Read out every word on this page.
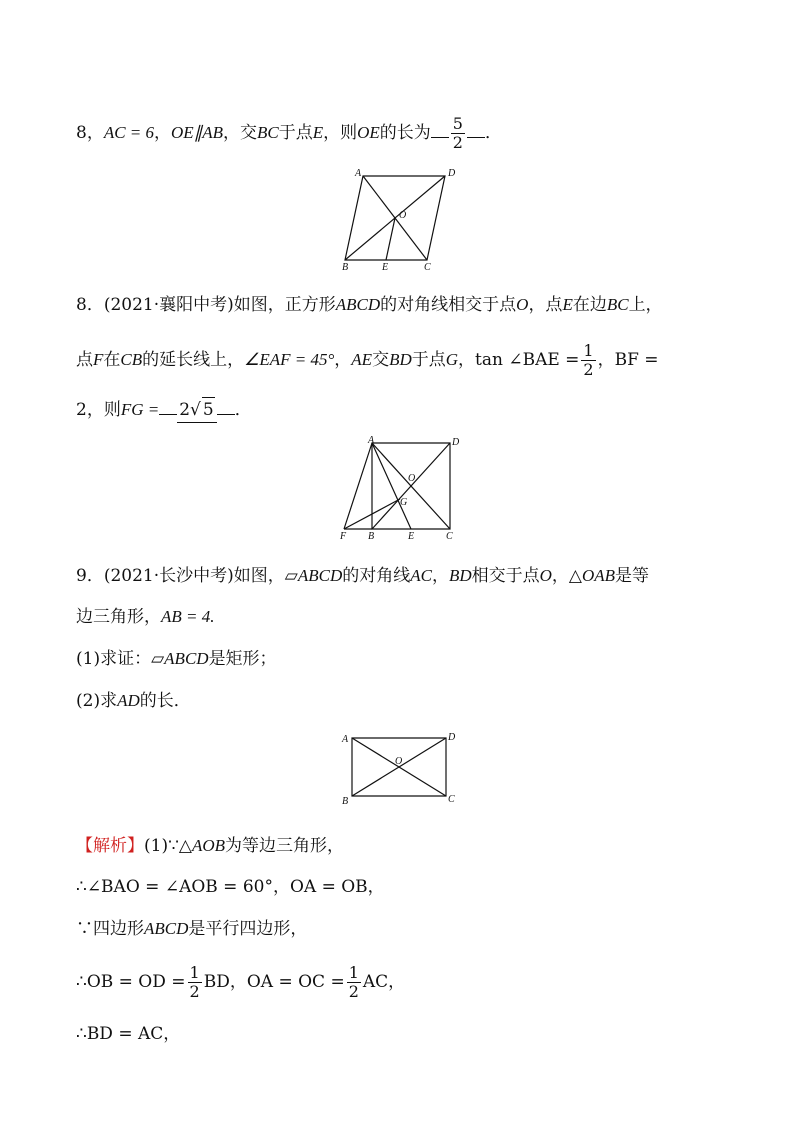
8，AC = 6，OE∥AB，交BC于点E，则OE的长为 $\frac{5}{2}$ ．
A	D
O
B	E	C
8．(2021·襄阳中考)如图，正方形ABCD的对角线相交于点O，点E在边BC上，
点F在CB的延长线上，∠EAF = 45°，AE交BD于点G，tan ∠BAE = $\frac{1}{2}$ ，BF =
2，则FG = 2√ 5 ．
A	D
O
G
F B	E	C
9．(2021·长沙中考)如图，▱ABCD的对角线AC，BD相交于点O，△OAB是等
边三角形，AB = 4.
(1)求证：▱ABCD是矩形；
(2)求AD的长．
A	D
O
B	C
【解析】(1)∵△AOB为等边三角形，
∴∠BAO = ∠AOB = 60°，OA = OB，
∵四边形ABCD是平行四边形，
∴OB = OD = $\frac{1}{2}$ BD，OA = OC = $\frac{1}{2}$ AC，
∴BD = AC，
